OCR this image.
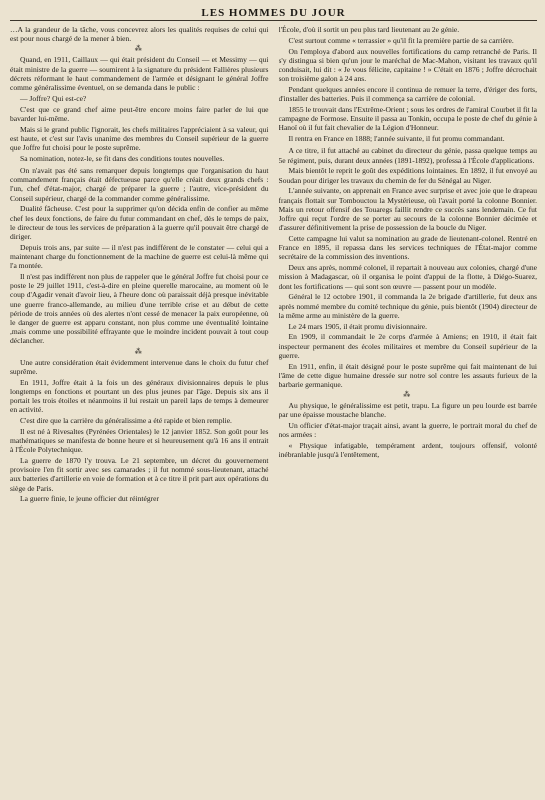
LES HOMMES DU JOUR

…A la grandeur de la tâche, vous concevrez alors les qualités requises de celui qui est pour nous chargé de la mener à bien.

⁂

Quand, en 1911, Caillaux — qui était président du Conseil — et Messimy — qui était ministre de la guerre — soumirent à la signature du président Fallières plusieurs décrets réformant le haut commandement de l'armée et désignant le général Joffre comme généralissime éventuel, on se demanda dans le public :

— Joffre? Qui est-ce?

C'est que ce grand chef aime peut-être encore moins faire parler de lui que bavarder lui-même.

Mais si le grand public l'ignorait, les chefs militaires l'appréciaient à sa valeur, qui est haute, et c'est sur l'avis unanime des membres du Conseil supérieur de la guerre que Joffre fut choisi pour le poste suprême.

Sa nomination, notez-le, se fit dans des conditions toutes nouvelles.

On n'avait pas été sans remarquer depuis longtemps que l'organisation du haut commandement français était défectueuse parce qu'elle créait deux grands chefs : l'un, chef d'état-major, chargé de préparer la guerre ; l'autre, vice-président du Conseil supérieur, chargé de la commander comme généralissime.

Dualité fâcheuse. C'est pour la supprimer qu'on décida enfin de confier au même chef les deux fonctions, de faire du futur commandant en chef, dès le temps de paix, le directeur de tous les services de préparation à la guerre qu'il pouvait être chargé de diriger.

Depuis trois ans, par suite — il n'est pas indifférent de le constater — celui qui a maintenant charge du fonctionnement de la machine de guerre est celui-là même qui l'a montée.

Il n'est pas indifférent non plus de rappeler que le général Joffre fut choisi pour ce poste le 29 juillet 1911, c'est-à-dire en pleine querelle marocaine, au moment où le coup d'Agadir venait d'avoir lieu, à l'heure donc où paraissait déjà presque inévitable une guerre franco-allemande, au milieu d'une terrible crise et au début de cette période de trois années où des alertes n'ont cessé de menacer la paix européenne, où le danger de guerre est apparu constant, non plus comme une éventualité lointaine ,mais comme une possibilité effrayante que le moindre incident pouvait à tout coup déclancher.

⁂

Une autre considération était évidemment intervenue dans le choix du futur chef suprême.

En 1911, Joffre était à la fois un des généraux divisionnaires depuis le plus longtemps en fonctions et pourtant un des plus jeunes par l'âge. Depuis six ans il portait les trois étoiles et néanmoins il lui restait un pareil laps de temps à demeurer en activité.

C'est dire que la carrière du généralissime a été rapide et bien remplie.

Il est né à Rivesaltes (Pyrénées Orientales) le 12 janvier 1852. Son goût pour les mathématiques se manifesta de bonne heure et si heureusement qu'à 16 ans il entrait à l'École Polytechnique.

La guerre de 1870 l'y trouva. Le 21 septembre, un décret du gouvernement provisoire l'en fit sortir avec ses camarades ; il fut nommé sous-lieutenant, attaché aux batteries d'artillerie en voie de formation et à ce titre il prit part aux opérations du siège de Paris.

La guerre finie, le jeune officier dut réintégrer

l'École, d'où il sortit un peu plus tard lieutenant au 2e génie.

C'est surtout comme « terrassier » qu'il fit la première partie de sa carrière.

On l'employa d'abord aux nouvelles fortifications du camp retranché de Paris. Il s'y distingua si bien qu'un jour le maréchal de Mac-Mahon, visitant les travaux qu'il conduisait, lui dit : « Je vous félicite, capitaine ! » C'était en 1876 ; Joffre décrochait son troisième galon à 24 ans.

Pendant quelques années encore il continua de remuer la terre, d'ériger des forts, d'installer des batteries. Puis il commença sa carrière de colonial.

1855 le trouvait dans l'Extrême-Orient ; sous les ordres de l'amiral Courbet il fit la campagne de Formose. Ensuite il passa au Tonkin, occupa le poste de chef du génie à Hanoï où il fut fait chevalier de la Légion d'Honneur.

Il rentra en France en 1888; l'année suivante, il fut promu commandant.

A ce titre, il fut attaché au cabinet du directeur du génie, passa quelque temps au 5e régiment, puis, durant deux années (1891-1892), professa à l'École d'applications.

Mais bientôt le reprit le goût des expéditions lointaines. En 1892, il fut envoyé au Soudan pour diriger les travaux du chemin de fer du Sénégal au Niger.

L'année suivante, on apprenait en France avec surprise et avec joie que le drapeau français flottait sur Tombouctou la Mystérieuse, où l'avait porté la colonne Bonnier. Mais un retour offensif des Touaregs faillit rendre ce succès sans lendemain. Ce fut Joffre qui reçut l'ordre de se porter au secours de la colonne Bonnier décimée et d'assurer définitivement la prise de possession de la boucle du Niger.

Cette campagne lui valut sa nomination au grade de lieutenant-colonel. Rentré en France en 1895, il repassa dans les services techniques de l'État-major comme secrétaire de la commission des inventions.

Deux ans après, nommé colonel, il repartait à nouveau aux colonies, chargé d'une mission à Madagascar, où il organisa le point d'appui de la flotte, à Diégo-Suarez, dont les fortifications — qui sont son œuvre — passent pour un modèle.

Général le 12 octobre 1901, il commanda la 2e brigade d'artillerie, fut deux ans après nommé membre du comité technique du génie, puis bientôt (1904) directeur de la même arme au ministère de la guerre.

Le 24 mars 1905, il était promu divisionnaire.

En 1909, il commandait le 2e corps d'armée à Amiens; en 1910, il était fait inspecteur permanent des écoles militaires et membre du Conseil supérieur de la guerre.

En 1911, enfin, il était désigné pour le poste suprême qui fait maintenant de lui l'âme de cette digue humaine dressée sur notre sol contre les assauts furieux de la barbarie germanique.

⁂

Au physique, le généralissime est petit, trapu. La figure un peu lourde est barrée par une épaisse moustache blanche.

Un officier d'état-major traçait ainsi, avant la guerre, le portrait moral du chef de nos armées :

« Physique infatigable, tempérament ardent, toujours offensif, volonté inébranlable jusqu'à l'entêtement,
